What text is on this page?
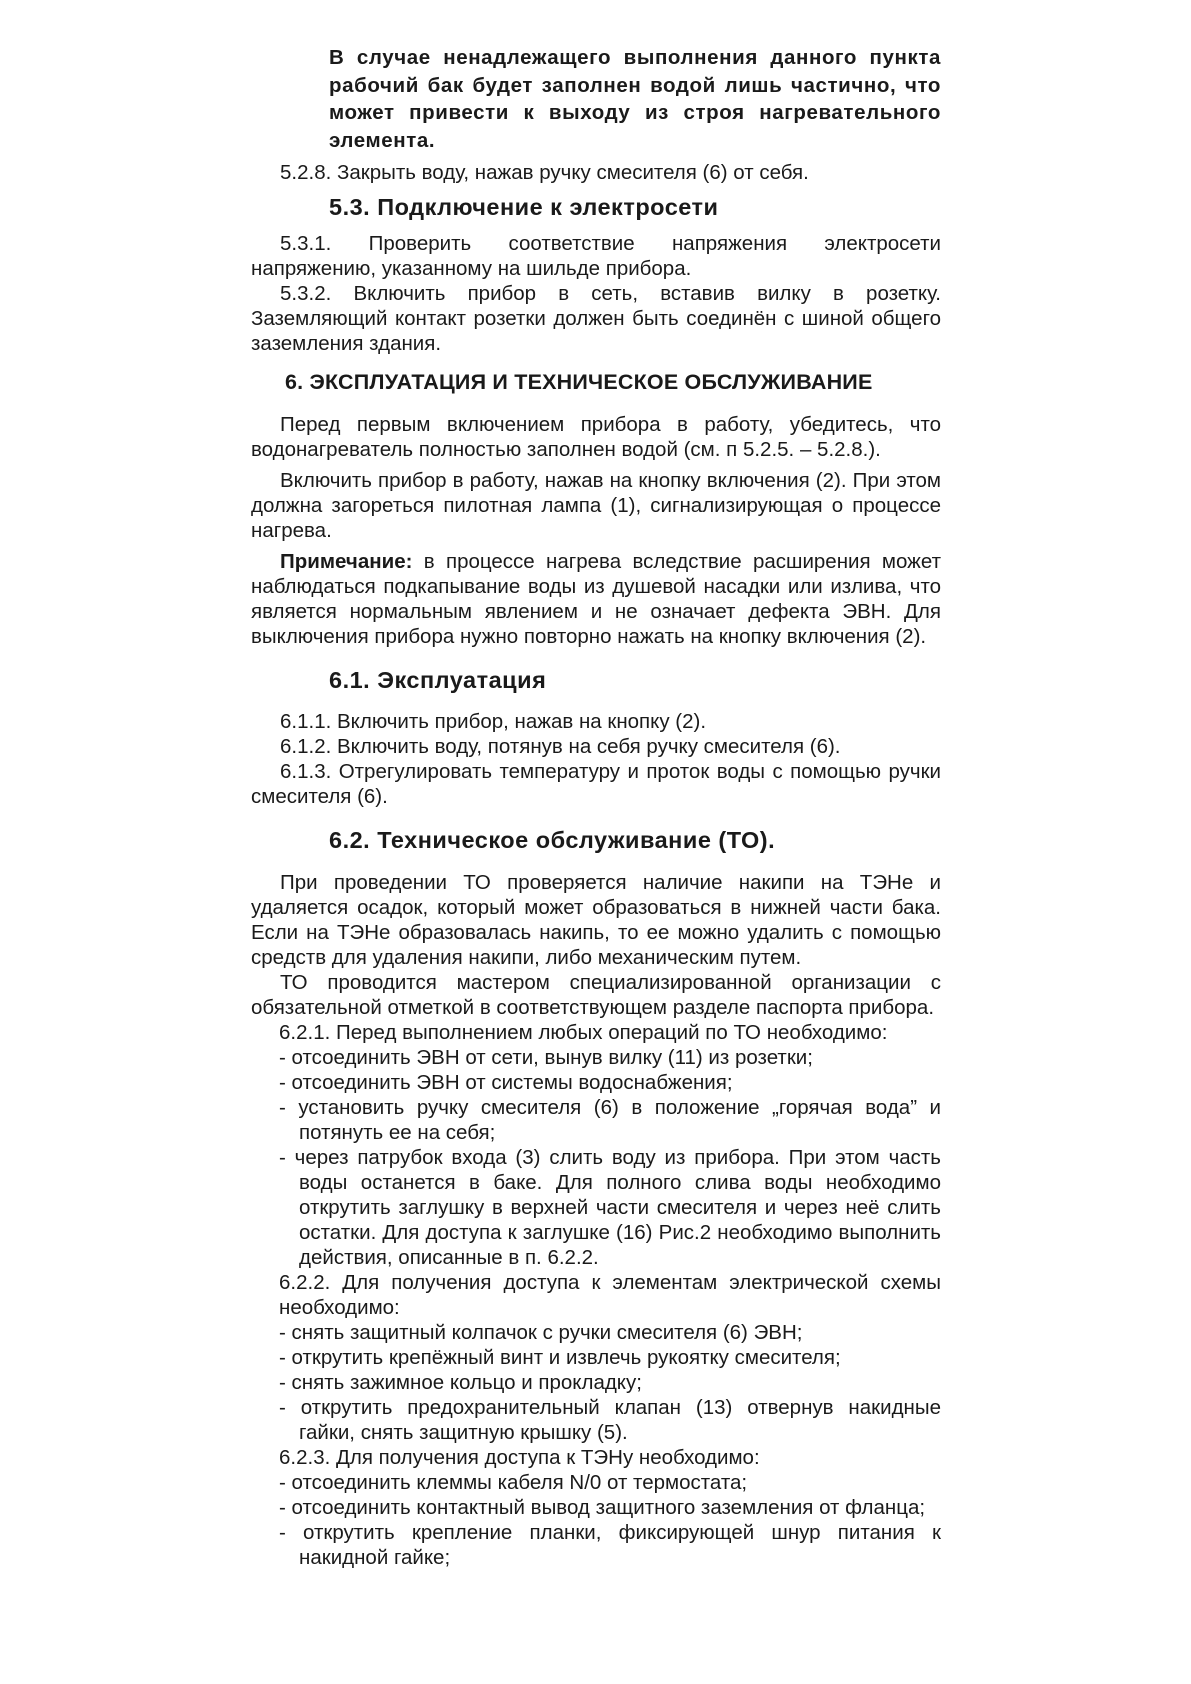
В случае ненадлежащего выполнения данного пункта рабочий бак будет заполнен водой лишь частично, что может привести к выходу из строя нагревательного элемента.

5.2.8. Закрыть воду, нажав ручку смесителя (6) от себя.

5.3. Подключение к электросети

5.3.1. Проверить соответствие напряжения электросети напряжению, указанному на шильде прибора.

5.3.2. Включить прибор в сеть, вставив вилку в розетку. Заземляющий контакт розетки должен быть соединён с шиной общего заземления здания.

6. ЭКСПЛУАТАЦИЯ И ТЕХНИЧЕСКОЕ ОБСЛУЖИВАНИЕ

Перед первым включением прибора в работу, убедитесь, что водонагреватель полностью заполнен водой (см. п 5.2.5. – 5.2.8.).

Включить прибор в работу, нажав на кнопку включения (2). При этом должна загореться пилотная лампа (1), сигнализирующая о процессе нагрева.

Примечание: в процессе нагрева вследствие расширения может наблюдаться подкапывание воды из душевой насадки или излива, что является нормальным явлением и не означает дефекта ЭВН. Для выключения прибора нужно повторно нажать на кнопку включения (2).

6.1. Эксплуатация

6.1.1. Включить прибор, нажав на кнопку (2).

6.1.2. Включить воду, потянув на себя ручку смесителя (6).

6.1.3. Отрегулировать температуру и проток воды с помощью ручки смесителя (6).

6.2. Техническое обслуживание (ТО).

При проведении ТО проверяется наличие накипи на ТЭНе и удаляется осадок, который может образоваться в нижней части бака. Если на ТЭНе образовалась накипь, то ее можно удалить с помощью средств для удаления накипи, либо механическим путем.

ТО проводится мастером специализированной организации с обязательной отметкой в соответствующем разделе паспорта прибора.

6.2.1. Перед выполнением любых операций по ТО необходимо:

- отсоединить ЭВН от сети, вынув вилку (11) из розетки;

- отсоединить ЭВН от системы водоснабжения;

- установить ручку смесителя (6) в положение „горячая вода” и потянуть ее на себя;

- через патрубок входа (3) слить воду из прибора. При этом часть воды останется в баке. Для полного слива воды необходимо открутить заглушку в верхней части смесителя и через неё слить остатки. Для доступа к заглушке (16) Рис.2 необходимо выполнить действия, описанные в п. 6.2.2.

6.2.2. Для получения доступа к элементам электрической схемы необходимо:

- снять защитный колпачок с ручки смесителя (6) ЭВН;

- открутить крепёжный винт и извлечь рукоятку смесителя;

- снять зажимное кольцо и прокладку;

- открутить предохранительный клапан (13) отвернув накидные гайки, снять защитную крышку (5).

6.2.3. Для получения доступа к ТЭНу необходимо:

- отсоединить клеммы кабеля N/0 от термостата;

- отсоединить контактный вывод защитного заземления от фланца;

- открутить крепление планки, фиксирующей шнур питания к накидной гайке;
